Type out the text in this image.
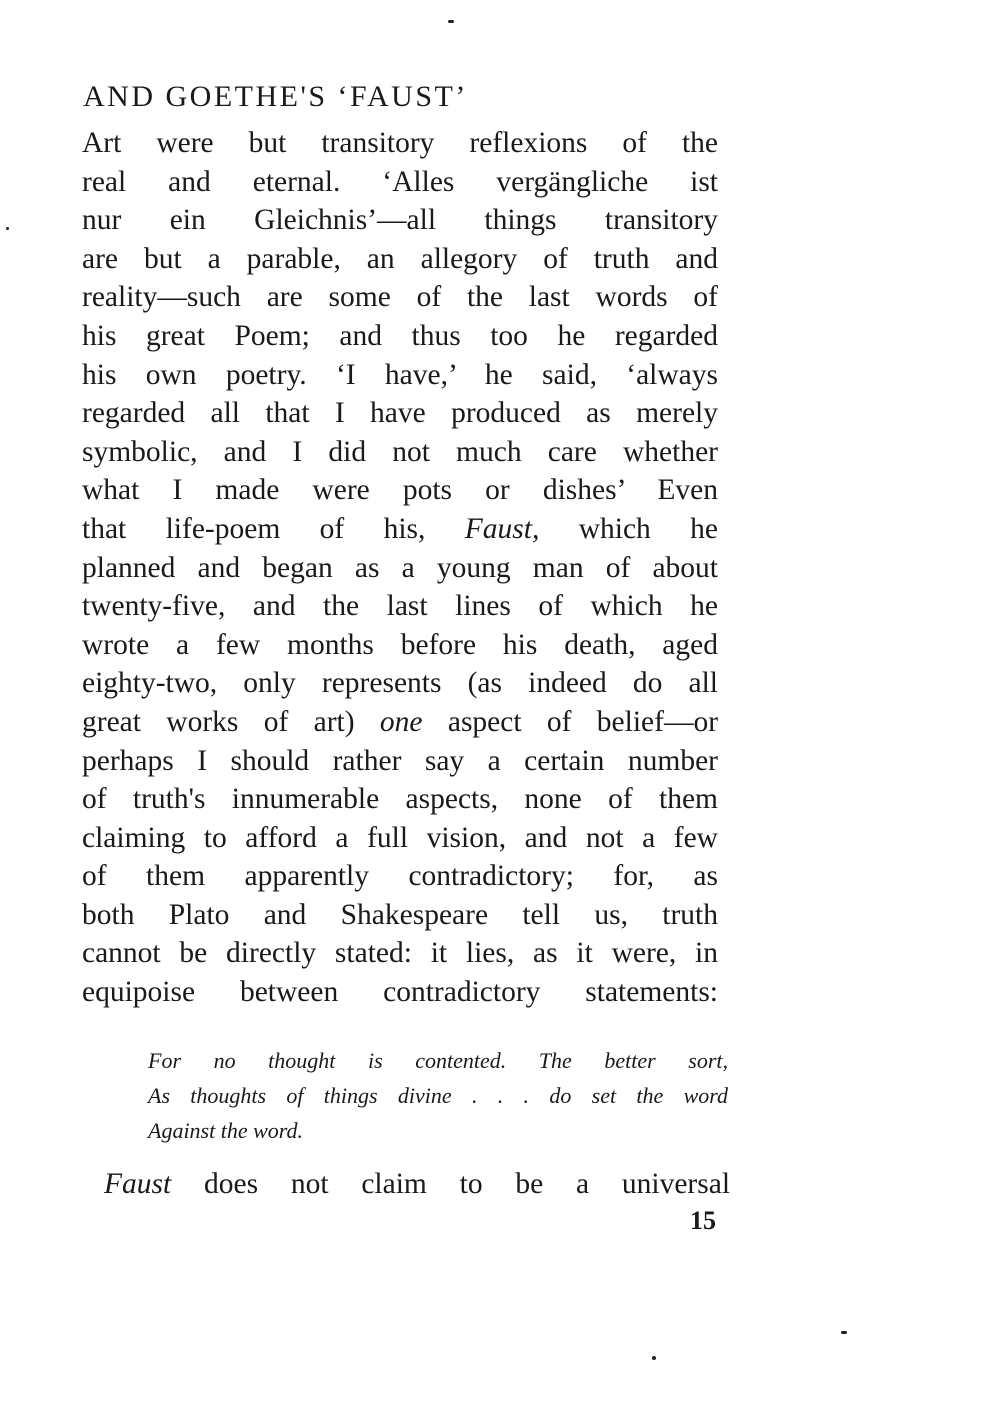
AND GOETHE'S ‘FAUST’
Art were but transitory reflexions of the
real and eternal. ‘Alles vergängliche ist
nur ein Gleichnis’—all things transitory
are but a parable, an allegory of truth and
reality—such are some of the last words of
his great Poem; and thus too he regarded
his own poetry. ‘I have,’ he said, ‘always
regarded all that I have produced as merely
symbolic, and I did not much care whether
what I made were pots or dishes’ Even
that life-poem of his, Faust, which he
planned and began as a young man of about
twenty-five, and the last lines of which he
wrote a few months before his death, aged
eighty-two, only represents (as indeed do all
great works of art) one aspect of belief—or
perhaps I should rather say a certain number
of truth's innumerable aspects, none of them
claiming to afford a full vision, and not a few
of them apparently contradictory; for, as
both Plato and Shakespeare tell us, truth
cannot be directly stated: it lies, as it were, in
equipoise between contradictory statements:
For no thought is contented. The better sort,
As thoughts of things divine . . . do set the word
Against the word.
Faust does not claim to be a universal
15
